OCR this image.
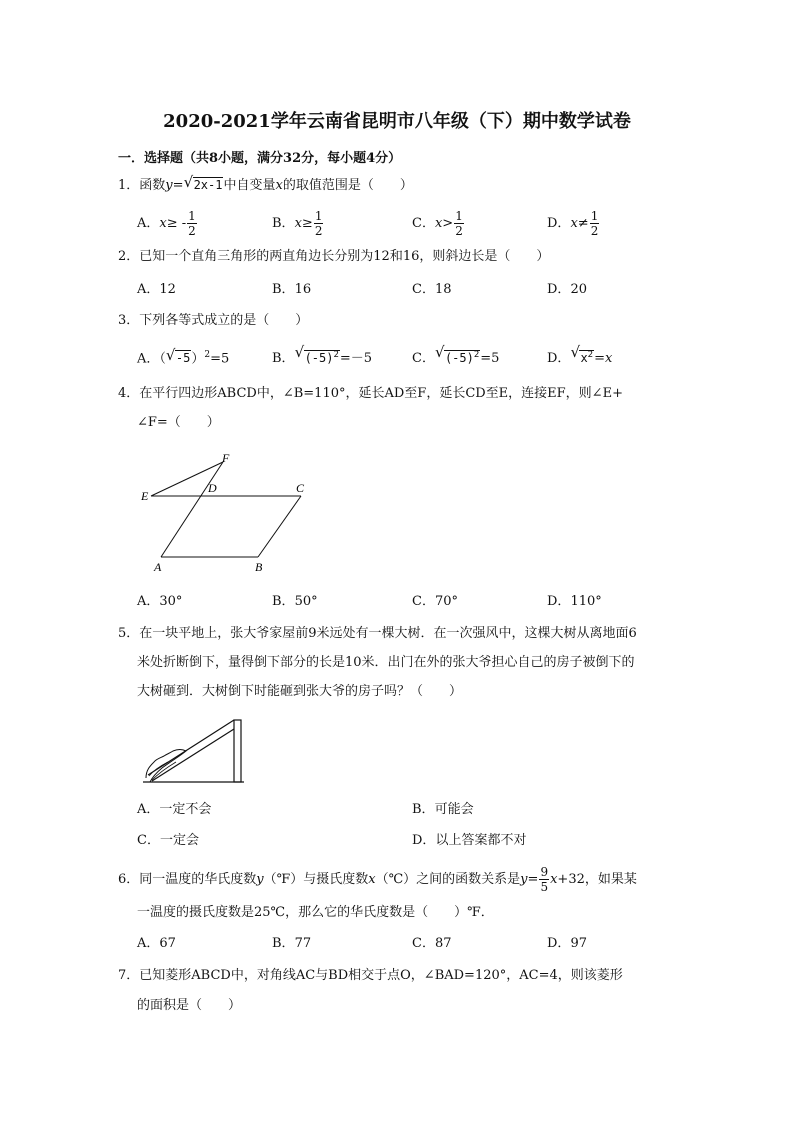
2020-2021学年云南省昆明市八年级（下）期中数学试卷
一．选择题（共8小题，满分32分，每小题4分）
1．函数y= √ 2x-1中自变量x的取值范围是（　　）
A．$x\ge - \frac{1}{2}$	B．$x\ge \frac{1}{2}$	C．$x> \frac{1}{2}$	D．$x\ne \frac{1}{2}$
2．已知一个直角三角形的两直角边长分别为12和16，则斜边长是（　　）
A．12	B．16	C．18	D．20
3．下列各等式成立的是（　　）
A．（ √ -5）$^2$=5	B． √ $(-5)^2=-5$	C． √ $(-5)^2=5$	D． √ $x^2=x$
4．在平行四边形ABCD中，∠B=110°，延长AD至F，延长CD至E，连接EF，则∠E+
∠F=（　　）
A	B
C
D
E
F
A．30°	B．50°	C．70°	D．110°
5．在一块平地上，张大爷家屋前9米远处有一棵大树．在一次强风中，这棵大树从离地面6
米处折断倒下，量得倒下部分的长是10米．出门在外的张大爷担心自己的房子被倒下的
大树砸到．大树倒下时能砸到张大爷的房子吗？（　　）
A．一定不会	B．可能会
C．一定会	D．以上答案都不对
6．同一温度的华氏度数y（℉）与摄氏度数x（℃）之间的函数关系是$y= \frac{9}{5} x+32$，如果某
一温度的摄氏度数是25℃，那么它的华氏度数是（　　）℉．
A．67	B．77	C．87	D．97
7．已知菱形ABCD中，对角线AC与BD相交于点O，∠BAD=120°，AC=4，则该菱形
的面积是（　　）
